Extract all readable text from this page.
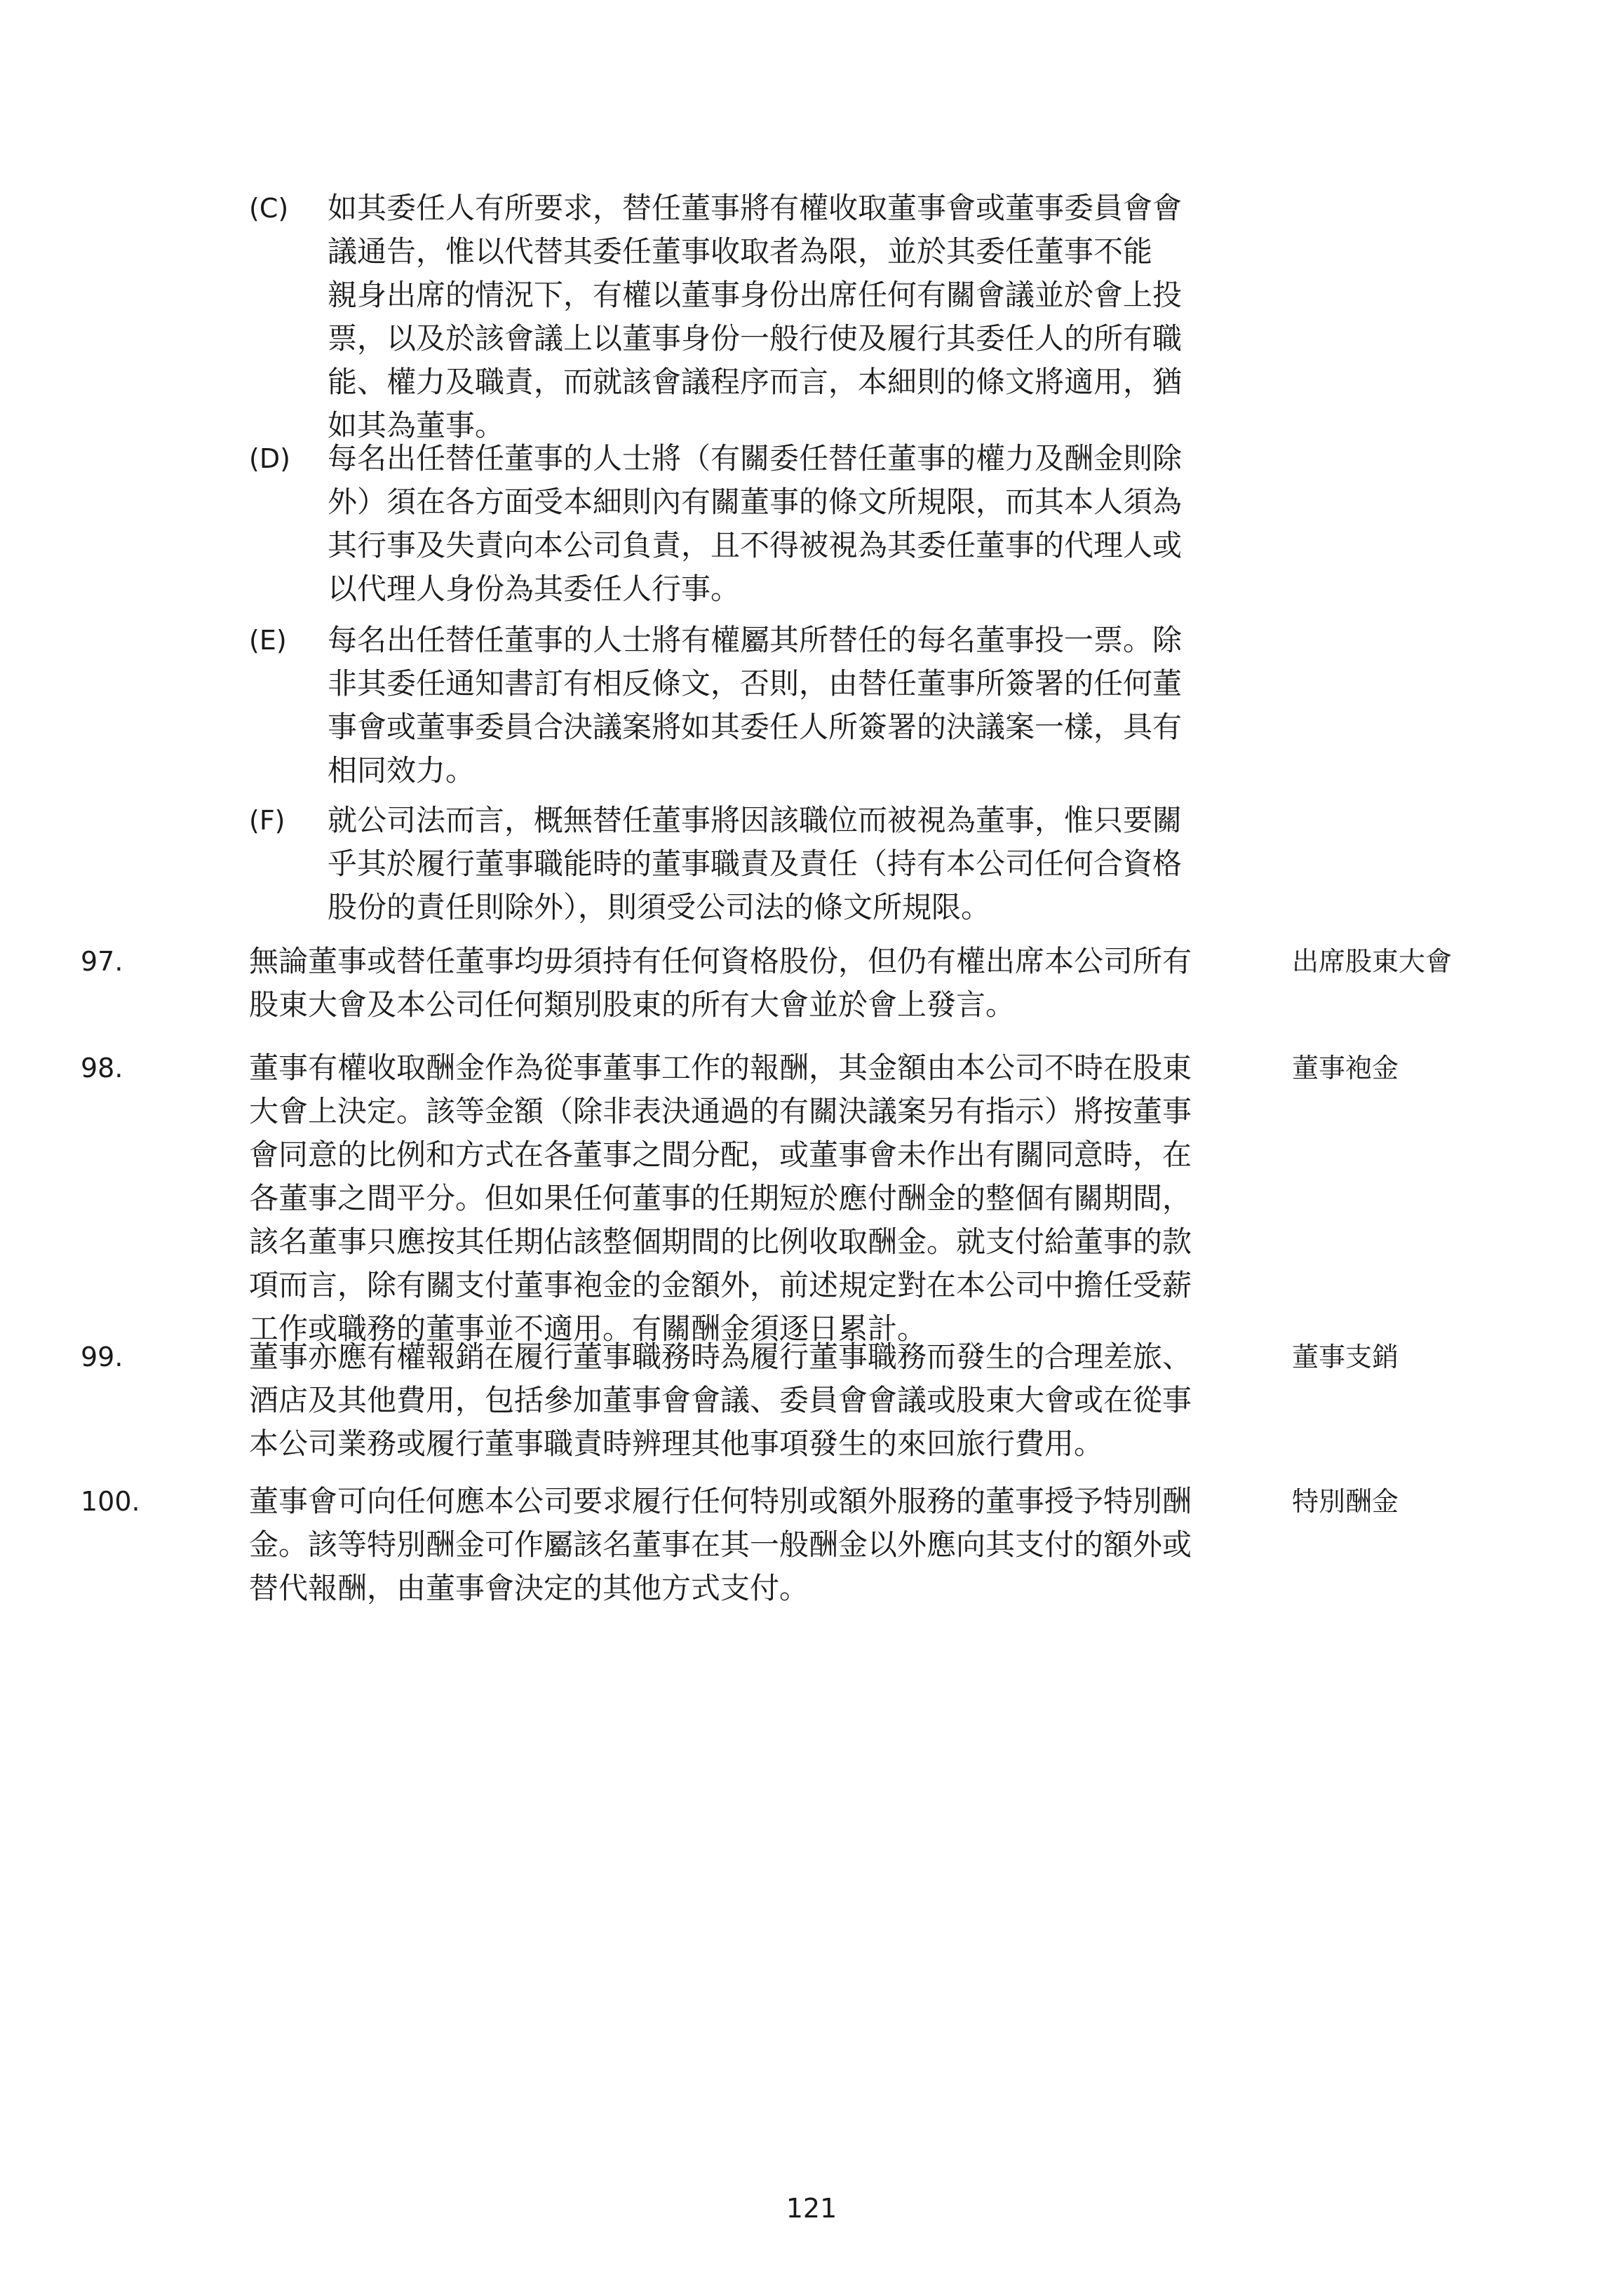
(C)	如其委任人有所要求，替任董事將有權收取董事會或董事委員會會
議通告，惟以代替其委任董事收取者為限，並於其委任董事不能
親身出席的情況下，有權以董事身份出席任何有關會議並於會上投
票，以及於該會議上以董事身份一般行使及履行其委任人的所有職
能、權力及職責，而就該會議程序而言，本細則的條文將適用，猶
如其為董事。
(D)	每名出任替任董事的人士將（有關委任替任董事的權力及酬金則除
外）須在各方面受本細則內有關董事的條文所規限，而其本人須為
其行事及失責向本公司負責，且不得被視為其委任董事的代理人或
以代理人身份為其委任人行事。
(E)	每名出任替任董事的人士將有權屬其所替任的每名董事投一票。除
非其委任通知書訂有相反條文，否則，由替任董事所簽署的任何董
事會或董事委員合決議案將如其委任人所簽署的決議案一樣，具有
相同效力。
(F)	就公司法而言，概無替任董事將因該職位而被視為董事，惟只要關
乎其於履行董事職能時的董事職責及責任（持有本公司任何合資格
股份的責任則除外），則須受公司法的條文所規限。
97.	無論董事或替任董事均毋須持有任何資格股份，但仍有權出席本公司所有
股東大會及本公司任何類別股東的所有大會並於會上發言。
出席股東大會
98.	董事有權收取酬金作為從事董事工作的報酬，其金額由本公司不時在股東
大會上決定。該等金額（除非表決通過的有關決議案另有指示）將按董事
會同意的比例和方式在各董事之間分配，或董事會未作出有關同意時，在
各董事之間平分。但如果任何董事的任期短於應付酬金的整個有關期間，
該名董事只應按其任期佔該整個期間的比例收取酬金。就支付給董事的款
項而言，除有關支付董事袍金的金額外，前述規定對在本公司中擔任受薪
工作或職務的董事並不適用。有關酬金須逐日累計。
董事袍金
99.	董事亦應有權報銷在履行董事職務時為履行董事職務而發生的合理差旅、
酒店及其他費用，包括參加董事會會議、委員會會議或股東大會或在從事
本公司業務或履行董事職責時辨理其他事項發生的來回旅行費用。
董事支銷
100.	董事會可向任何應本公司要求履行任何特別或額外服務的董事授予特別酬
金。該等特別酬金可作屬該名董事在其一般酬金以外應向其支付的額外或
替代報酬，由董事會決定的其他方式支付。
特別酬金
121
